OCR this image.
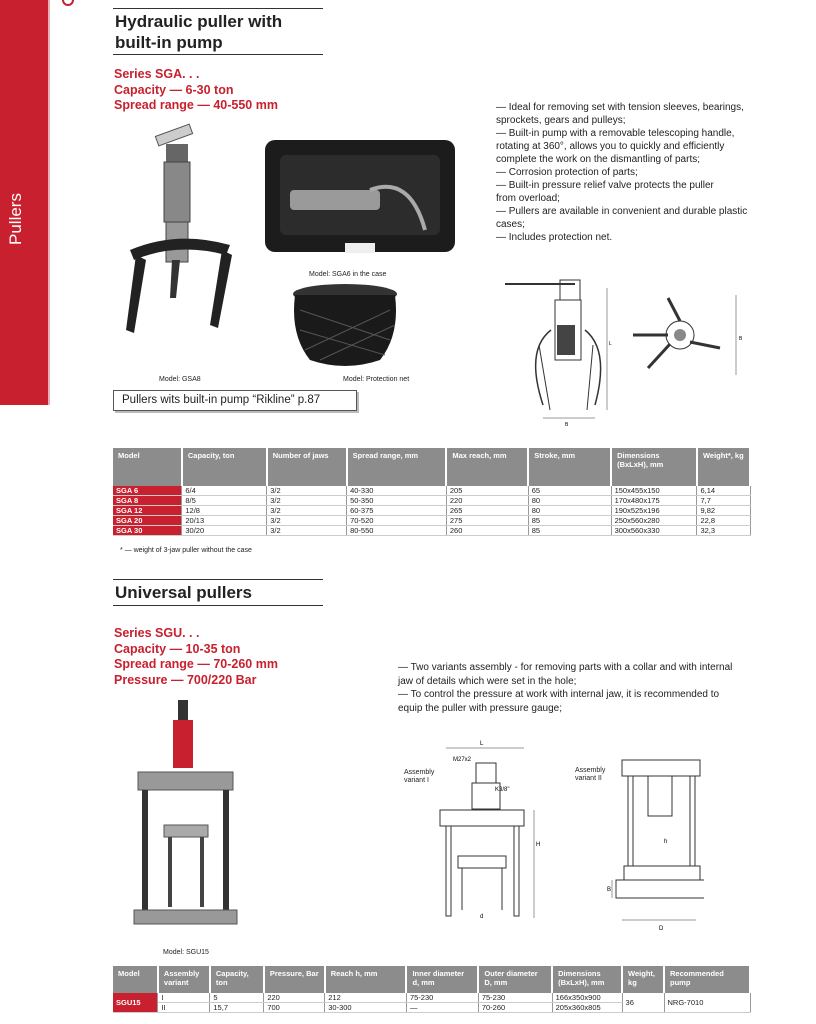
Pullers
Hydraulic puller with
built-in pump
Series SGA. . .
Capacity — 6-30 ton
Spread range — 40-550 mm	— Ideal for removing set with tension sleeves, bearings,
sprockets, gears and pulleys;
— Built-in pump with a removable telescoping handle,
rotating at 360°, allows you to quickly and efficiently
complete the work on the dismantling of parts;
— Corrosion protection of parts;
— Built-in pressure relief valve protects the puller
from overload;
— Pullers are available in convenient and durable plastic
cases;
— Includes protection net.
Model: SGA6 in the case
Model: GSA8	Model: Protection net
Pullers wits built-in pump “Rikline” p.87
L
B
B
Model	Capacity, ton	Number of jaws	Spread range, mm	Max reach, mm	Stroke, mm	Dimensions (BxLxH), mm	Weight*, kg
SGA 6	6/4	3/2	40-330	205	65	150x455x150	6,14
SGA 8	8/5	3/2	50-350	220	80	170x480x175	7,7
SGA 12	12/8	3/2	60-375	265	80	190x525x196	9,82
SGA 20	20/13	3/2	70-520	275	85	250x560x280	22,8
SGA 30	30/20	3/2	80-550	260	85	300x560x330	32,3
* — weight of 3-jaw puller without the case
Universal pullers
Series SGU. . .
Capacity — 10-35 ton
Spread range — 70-260 mm
Pressure — 700/220 Bar
— Two variants assembly - for removing parts with a collar and with internal
jaw of details which were set in the hole;
— To control the pressure at work with internal jaw, it is recommended to
equip the puller with pressure gauge;
Model: SGU15
Assembly
variant I
L
M27x2
K3/8"
H
d
Assembly
variant II
h
B
D
Model	Assembly variant	Capacity, ton	Pressure, Bar	Reach h, mm	Inner diameter d, mm	Outer diameter D, mm	Dimensions (BxLxH), mm	Weight, kg	Recommended pump
SGU15	I	5	220	212	75-230	75-230	166x350x900	36	NRG-7010
	II	15,7	700	30-300	—	70-260	205x360x805		
